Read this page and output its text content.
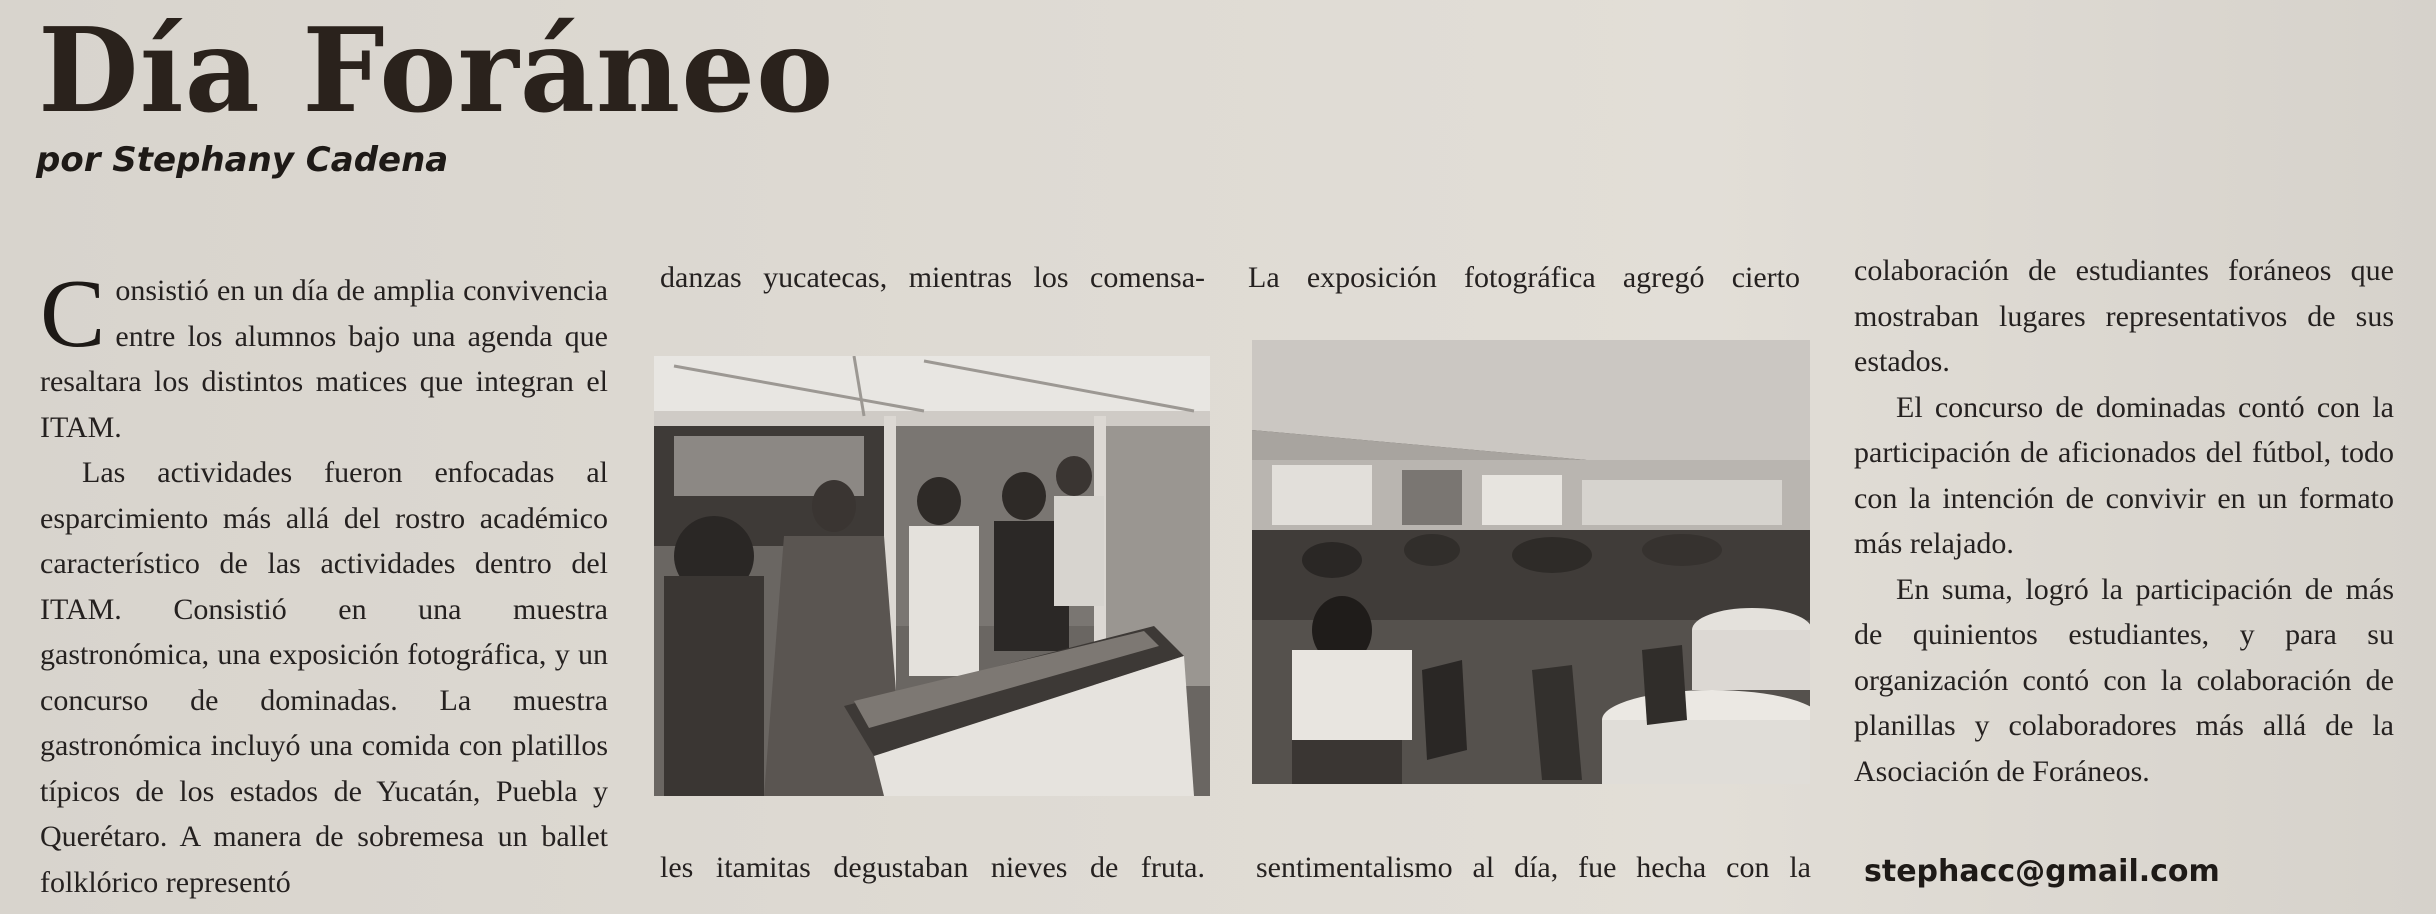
Día Foráneo
por Stephany Cadena

Consistió en un día de amplia convivencia entre los alumnos bajo una agenda que resaltara los distintos matices que integran el ITAM.

Las actividades fueron enfocadas al esparcimiento más allá del rostro académico característico de las actividades dentro del ITAM. Consistió en una muestra gastronómica, una exposición fotográfica, y un concurso de dominadas. La muestra gastronómica incluyó una comida con platillos típicos de los estados de Yucatán, Puebla y Querétaro. A manera de sobremesa un ballet folklórico representó

danzas yucatecas, mientras los comensa-
les itamitas degustaban nieves de fruta.
La exposición fotográfica agregó cierto
sentimentalismo al día, fue hecha con la

colaboración de estudiantes foráneos que mostraban lugares representativos de sus estados.

El concurso de dominadas contó con la participación de aficionados del fútbol, todo con la intención de convivir en un formato más relajado.

En suma, logró la participación de más de quinientos estudiantes, y para su organización contó con la colaboración de planillas y colaboradores más allá de la Asociación de Foráneos.

stephacc@gmail.com
